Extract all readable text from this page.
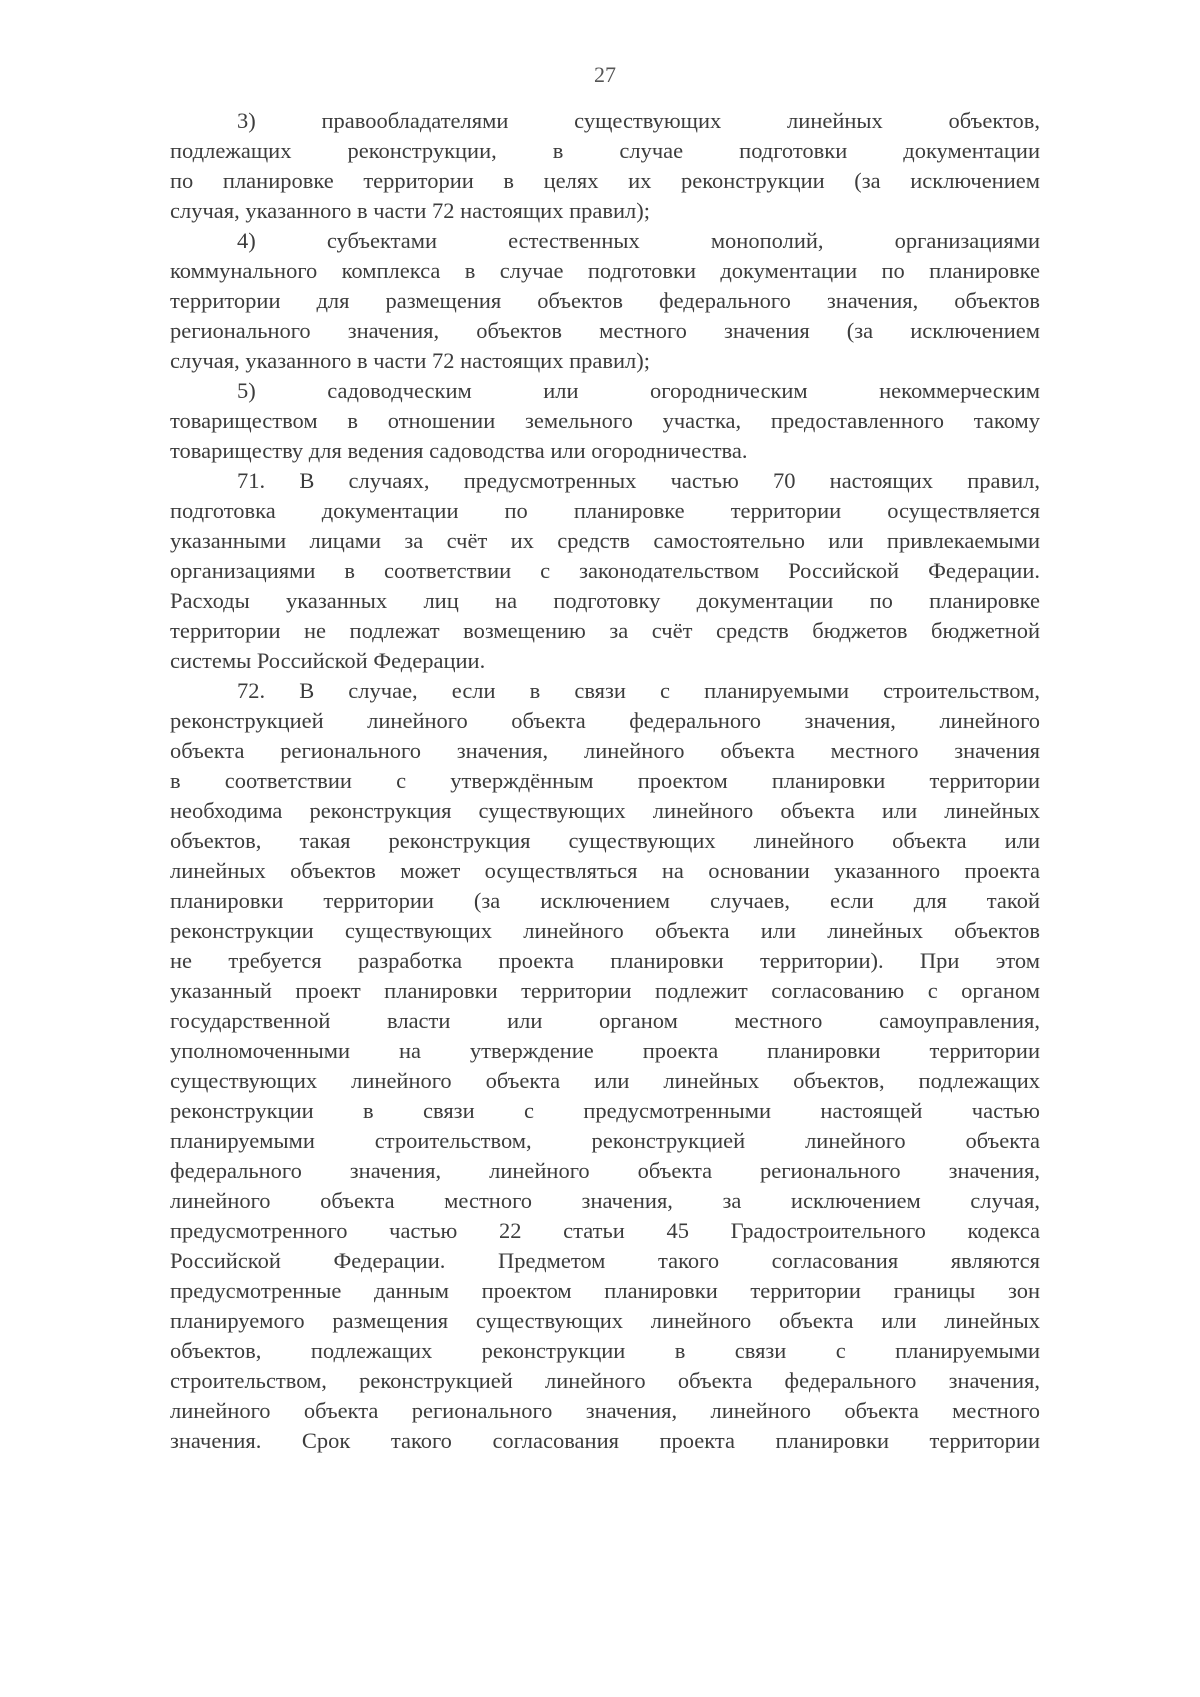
27
3) правообладателями существующих линейных объектов,
подлежащих реконструкции, в случае подготовки документации
по планировке территории в целях их реконструкции (за исключением
случая, указанного в части 72 настоящих правил);
4) субъектами естественных монополий, организациями
коммунального комплекса в случае подготовки документации по планировке
территории для размещения объектов федерального значения, объектов
регионального значения, объектов местного значения (за исключением
случая, указанного в части 72 настоящих правил);
5) садоводческим или огородническим некоммерческим
товариществом в отношении земельного участка, предоставленного такому
товариществу для ведения садоводства или огородничества.
71. В случаях, предусмотренных частью 70 настоящих правил,
подготовка документации по планировке территории осуществляется
указанными лицами за счёт их средств самостоятельно или привлекаемыми
организациями в соответствии с законодательством Российской Федерации.
Расходы указанных лиц на подготовку документации по планировке
территории не подлежат возмещению за счёт средств бюджетов бюджетной
системы Российской Федерации.
72. В случае, если в связи с планируемыми строительством,
реконструкцией линейного объекта федерального значения, линейного
объекта регионального значения, линейного объекта местного значения
в соответствии с утверждённым проектом планировки территории
необходима реконструкция существующих линейного объекта или линейных
объектов, такая реконструкция существующих линейного объекта или
линейных объектов может осуществляться на основании указанного проекта
планировки территории (за исключением случаев, если для такой
реконструкции существующих линейного объекта или линейных объектов
не требуется разработка проекта планировки территории). При этом
указанный проект планировки территории подлежит согласованию с органом
государственной власти или органом местного самоуправления,
уполномоченными на утверждение проекта планировки территории
существующих линейного объекта или линейных объектов, подлежащих
реконструкции в связи с предусмотренными настоящей частью
планируемыми строительством, реконструкцией линейного объекта
федерального значения, линейного объекта регионального значения,
линейного объекта местного значения, за исключением случая,
предусмотренного частью 22 статьи 45 Градостроительного кодекса
Российской Федерации. Предметом такого согласования являются
предусмотренные данным проектом планировки территории границы зон
планируемого размещения существующих линейного объекта или линейных
объектов, подлежащих реконструкции в связи с планируемыми
строительством, реконструкцией линейного объекта федерального значения,
линейного объекта регионального значения, линейного объекта местного
значения. Срок такого согласования проекта планировки территории
